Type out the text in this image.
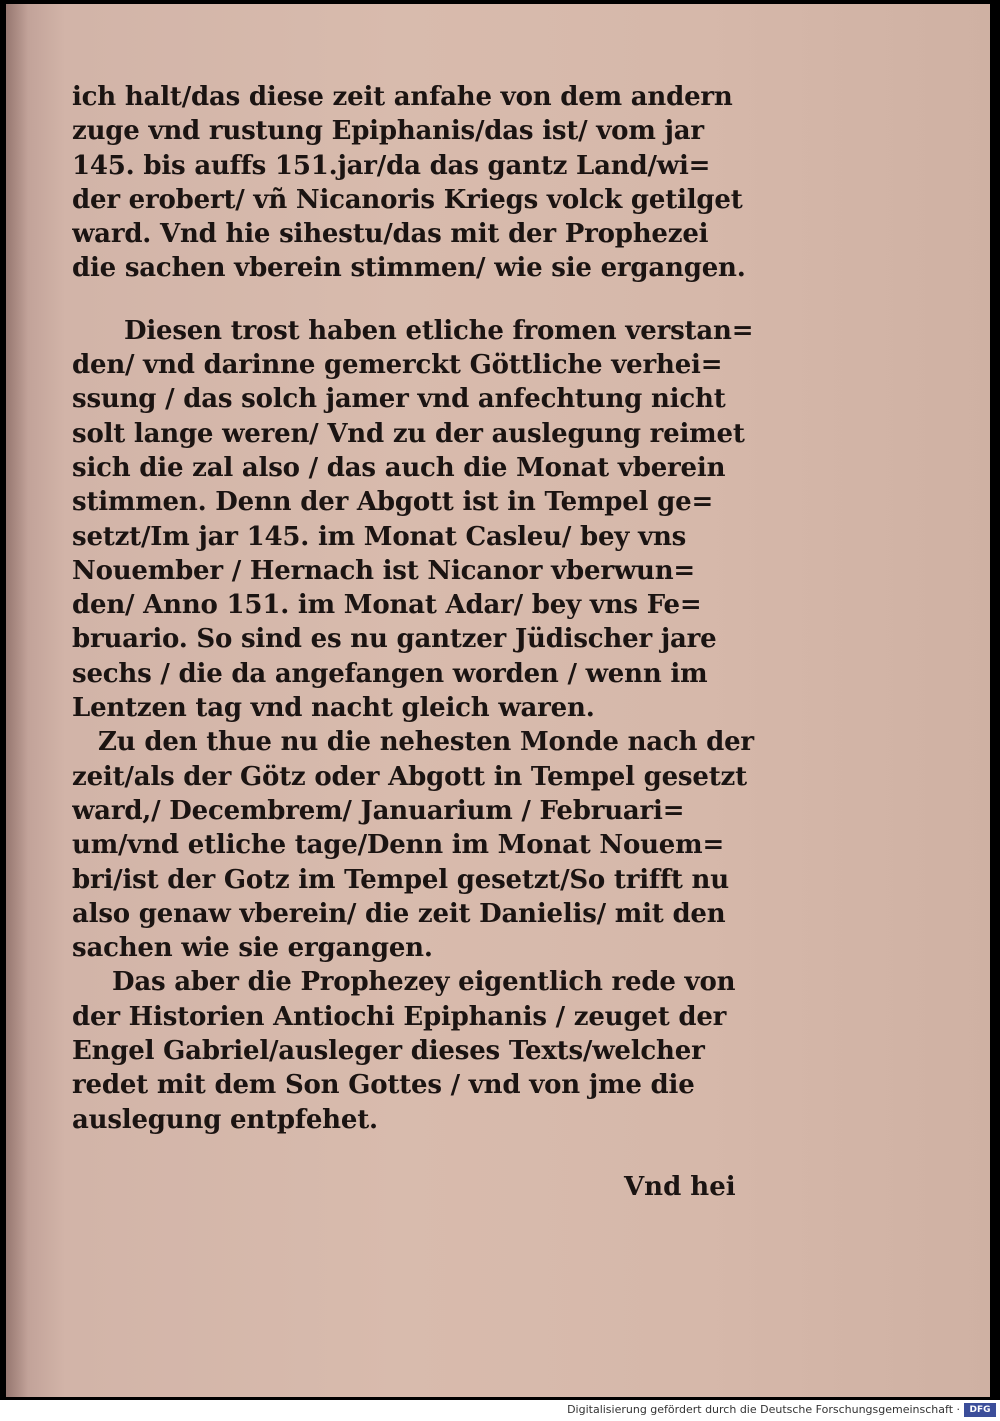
ich halt/das diese zeit anfahe von dem andern
zuge vnd rustung Epiphanis/das ist/ vom jar
145. bis auffs 151.jar/da das gantz Land/wi=
der erobert/ vñ Nicanoris Kriegs volck getilget
ward. Vnd hie sihestu/das mit der Prophezei
die sachen vberein stimmen/ wie sie ergangen.
Diesen trost haben etliche fromen verstan=
den/ vnd darinne gemerckt Göttliche verhei=
ssung / das solch jamer vnd anfechtung nicht
solt lange weren/ Vnd zu der auslegung reimet
sich die zal also / das auch die Monat vberein
stimmen. Denn der Abgott ist in Tempel ge=
setzt/Im jar 145. im Monat Casleu/ bey vns
Nouember / Hernach ist Nicanor vberwun=
den/ Anno 151. im Monat Adar/ bey vns Fe=
bruario. So sind es nu gantzer Jüdischer jare
sechs / die da angefangen worden / wenn im
Lentzen tag vnd nacht gleich waren.
Zu den thue nu die nehesten Monde nach der
zeit/als der Götz oder Abgott in Tempel gesetzt
ward,/ Decembrem/ Januarium / Februari=
um/vnd etliche tage/Denn im Monat Nouem=
bri/ist der Gotz im Tempel gesetzt/So trifft nu
also genaw vberein/ die zeit Danielis/ mit den
sachen wie sie ergangen.
Das aber die Prophezey eigentlich rede von
der Historien Antiochi Epiphanis / zeuget der
Engel Gabriel/ausleger dieses Texts/welcher
redet mit dem Son Gottes / vnd von jme die
auslegung entpfehet.
Vnd hei
Digitalisierung gefördert durch die Deutsche Forschungsgemeinschaft ·	DFG
